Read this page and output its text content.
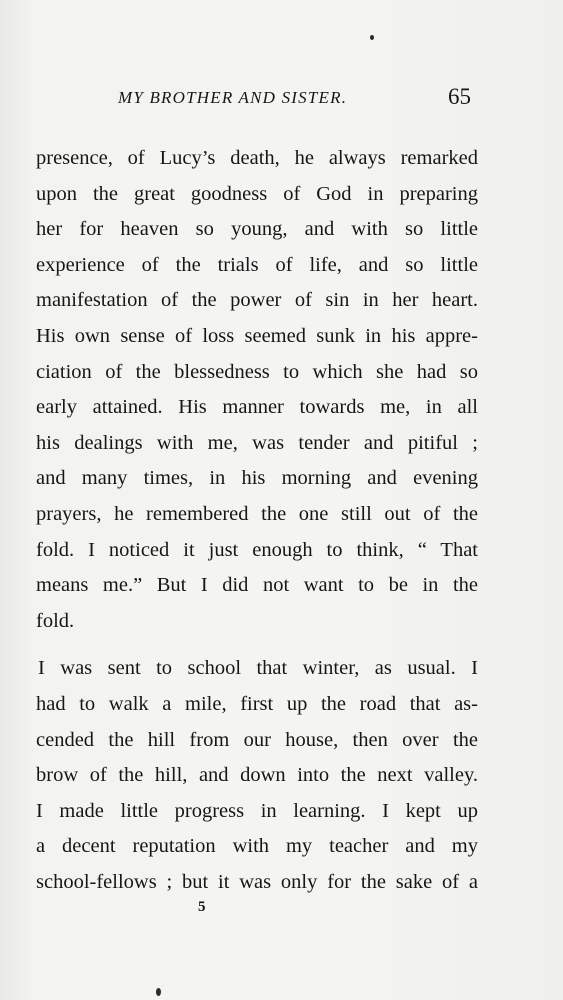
MY BROTHER AND SISTER.	65
presence, of Lucy’s death, he always remarked
upon the great goodness of God in preparing
her for heaven so young, and with so little
experience of the trials of life, and so little
manifestation of the power of sin in her heart.
His own sense of loss seemed sunk in his appre-
ciation of the blessedness to which she had so
early attained. His manner towards me, in all
his dealings with me, was tender and pitiful ;
and many times, in his morning and evening
prayers, he remembered the one still out of the
fold. I noticed it just enough to think, “ That
means me.” But I did not want to be in the
fold.
I was sent to school that winter, as usual. I
had to walk a mile, first up the road that as-
cended the hill from our house, then over the
brow of the hill, and down into the next valley.
I made little progress in learning. I kept up
a decent reputation with my teacher and my
school-fellows ; but it was only for the sake of a
5
